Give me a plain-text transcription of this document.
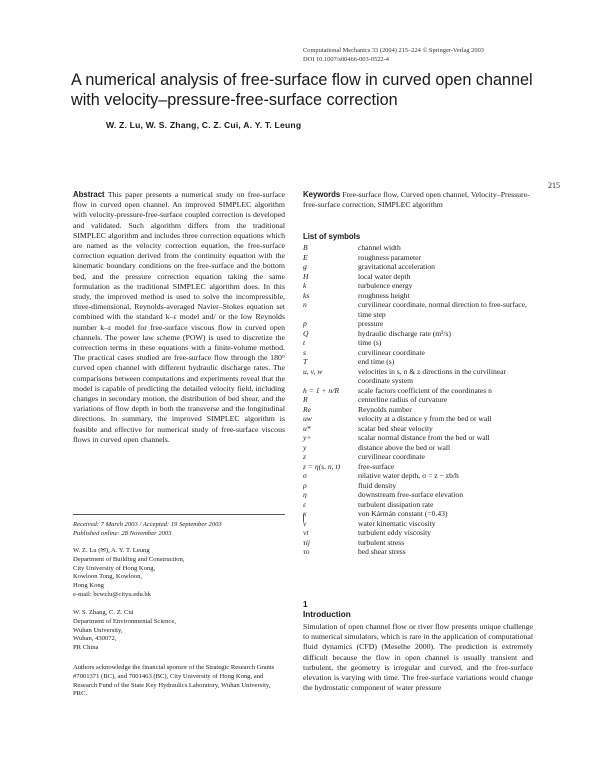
Computational Mechanics 33 (2004) 215–224 © Springer-Verlag 2003
DOI 10.1007/s00466-003-0522-4
A numerical analysis of free-surface flow in curved open channel with velocity–pressure-free-surface correction
W. Z. Lu, W. S. Zhang, C. Z. Cui, A. Y. T. Leung
215
Abstract This paper presents a numerical study on free-surface flow in curved open channel. An improved SIMPLEC algorithm with velocity-pressure-free-surface coupled correction is developed and validated. Such algorithm differs from the traditional SIMPLEC algorithm and includes three correction equations which are named as the velocity correction equation, the free-surface correction equation derived from the continuity equation with the kinematic boundary conditions on the free-surface and the bottom bed, and the pressure correction equation taking the same formulation as the traditional SIMPLEC algorithm does. In this study, the improved method is used to solve the incompressible, three-dimensional, Reynolds-averaged Navier–Stokes equation set combined with the standard k–ε model and/ or the low Reynolds number k–ε model for free-surface viscous flow in curved open channels. The power law scheme (POW) is used to discretize the convection terms in these equations with a finite-volume method. The practical cases studied are free-surface flow through the 180° curved open channel with different hydraulic discharge rates. The comparisons between computations and experiments reveal that the model is capable of predicting the detailed velocity field, including changes in secondary motion, the distribution of bed shear, and the variations of flow depth in both the transverse and the longitudinal directions. In summary, the improved SIMPLEC algorithm is feasible and effective for numerical study of free-surface viscous flows in curved open channels.
Keywords Free-surface flow, Curved open channel, Velocity–Pressure-free-surface correction, SIMPLEC algorithm
List of symbols
B	channel width
E	roughness parameter
g	gravitational acceleration
H	local water depth
k	turbulence energy
ks	roughness height
n	curvilinear coordinate, normal direction to free-surface, time step
p	pressure
Q	hydraulic discharge rate (m³/s)
t	time (s)
s	curvilinear coordinate
T	end time (s)
u, v, w	velocities in s, n & z directions in the curvilinear coordinate system
h = 1 + n/R	scale factors coefficient of the coordinates n
R	centerline radius of curvature
Re	Reynolds number
uw	velocity at a distance y from the bed or wall
u*	scalar bed shear velocity
y+	scalar normal distance from the bed or wall
y	distance above the bed or wall
z	curvilinear coordinate
z = η(s, n, t)	free-surface
σ	relative water depth, σ = z − zb/h
ρ	fluid density
η	downstream free-surface elevation
ε	turbulent dissipation rate
κ	von Kármán constant (=0.43)
ν	water kinematic viscosity
νt	turbulent eddy viscosity
τij	turbulent stress
τo	bed shear stress
Received: 7 March 2003 / Accepted: 19 September 2003
Published online: 28 November 2003
W. Z. Lu (✉), A. Y. T. Leung
Department of Building and Construction,
City University of Hong Kong,
Kowloon Tong, Kowloon,
Hong Kong
e-mail: bcwzlu@cityu.edu.hk
W. S. Zhang, C. Z. Cui
Department of Environmental Science,
Wuhan University,
Wuhan, 430072,
PR China
Authors acknowledge the financial sponsor of the Strategic Research Grants #7001371 (BC), and 7001463 (BC), City University of Hong Kong, and Research Fund of the State Key Hydraulics Laboratory, Wuhan University, PRC.
1
Introduction
Simulation of open channel flow or river flow presents unique challenge to numerical simulators, which is rare in the application of computational fluid dynamics (CFD) (Meselhe 2000). The prediction is extremely difficult because the flow in open channel is usually transient and turbulent, the geometry is irregular and curved, and the free-surface elevation is varying with time. The free-surface variations would change the hydrostatic component of water pressure
